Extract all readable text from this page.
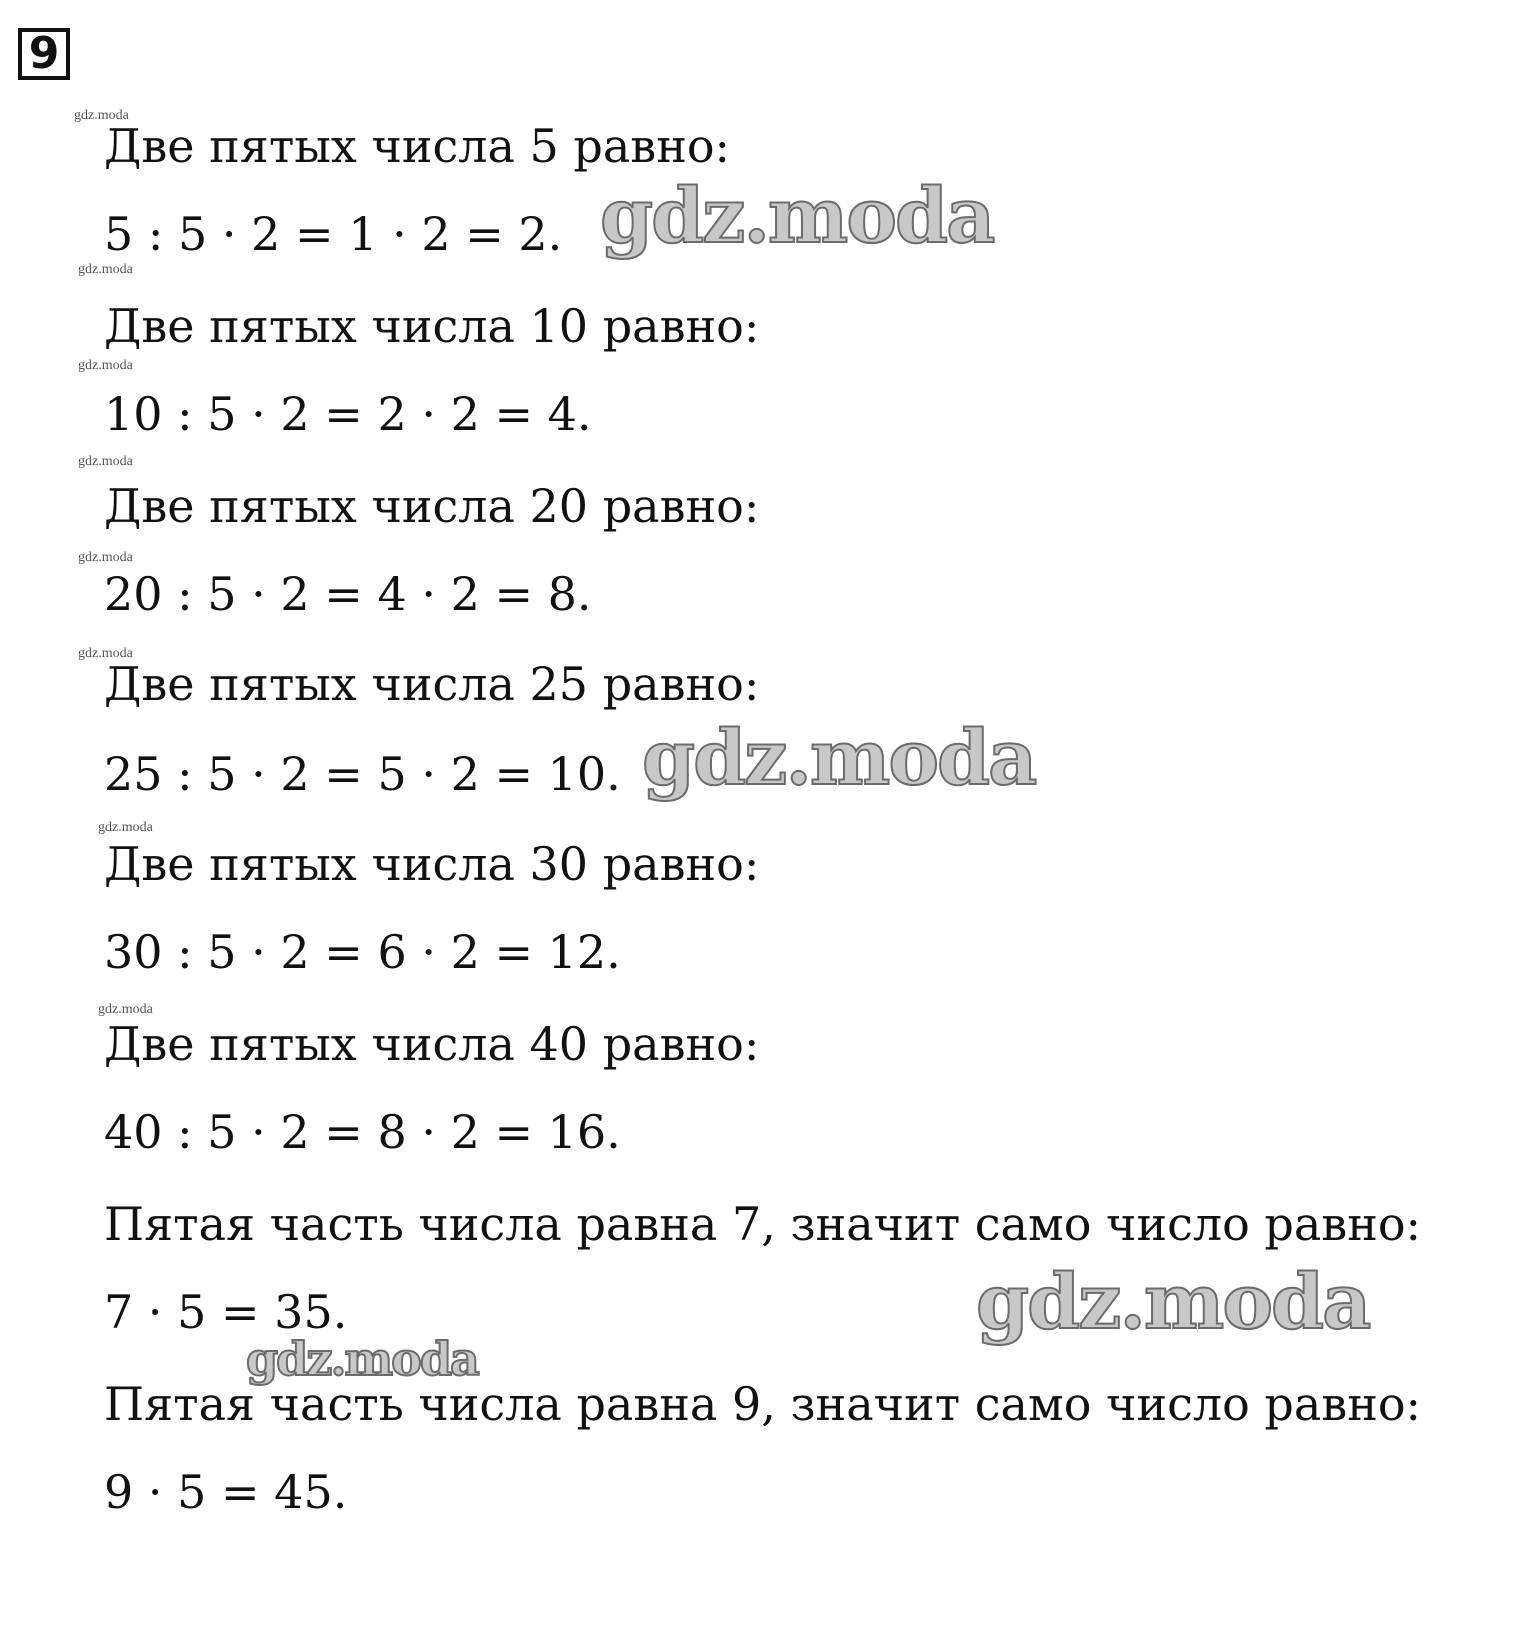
9
gdz.moda
gdz.moda
gdz.moda
gdz.moda
gdz.moda
gdz.moda
gdz.moda
gdz.moda
Две пятых числа 5 равно:
5 : 5 · 2 = 1 · 2 = 2.
Две пятых числа 10 равно:
10 : 5 · 2 = 2 · 2 = 4.
Две пятых числа 20 равно:
20 : 5 · 2 = 4 · 2 = 8.
Две пятых числа 25 равно:
25 : 5 · 2 = 5 · 2 = 10.
Две пятых числа 30 равно:
30 : 5 · 2 = 6 · 2 = 12.
Две пятых числа 40 равно:
40 : 5 · 2 = 8 · 2 = 16.
Пятая часть числа равна 7, значит само число равно:
7 · 5 = 35.
Пятая часть числа равна 9, значит само число равно:
9 · 5 = 45.
gdz.moda
gdz.moda
gdz.moda
gdz.moda
